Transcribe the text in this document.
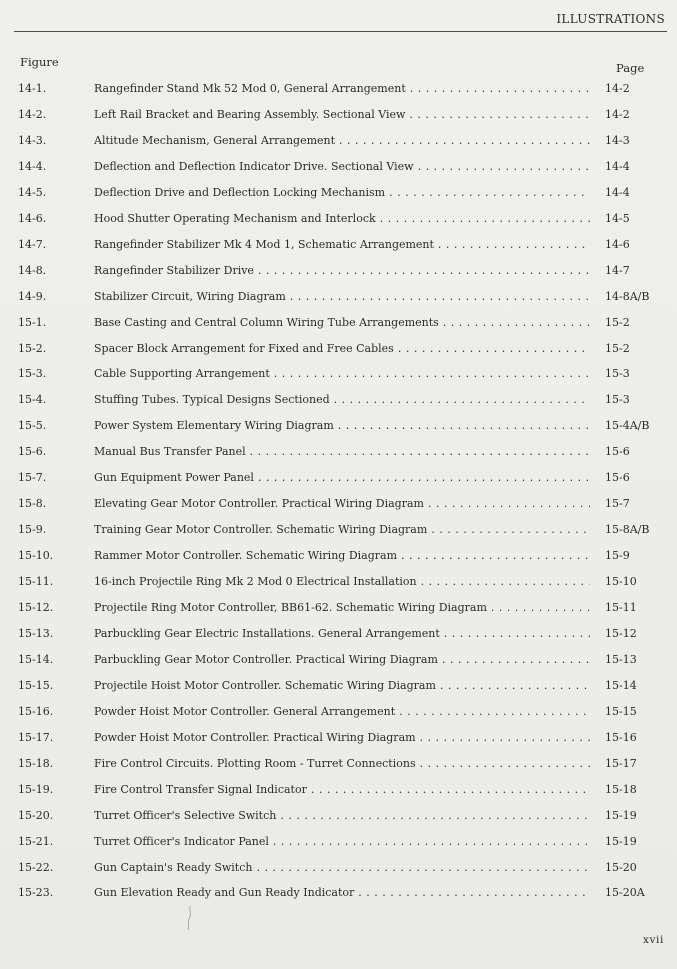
ILLUSTRATIONS
Figure	Page
14-1.	Rangefinder Stand Mk 52 Mod 0, General Arrangement . . .	14-2
14-2.	Left Rail Bracket and Bearing Assembly. Sectional View . . .	14-2
14-3.	Altitude Mechanism, General Arrangement . . .	14-3
14-4.	Deflection and Deflection Indicator Drive. Sectional View . . .	14-4
14-5.	Deflection Drive and Deflection Locking Mechanism . . .	14-4
14-6.	Hood Shutter Operating Mechanism and Interlock . . .	14-5
14-7.	Rangefinder Stabilizer Mk 4 Mod 1, Schematic Arrangement . . .	14-6
14-8.	Rangefinder Stabilizer Drive . . .	14-7
14-9.	Stabilizer Circuit, Wiring Diagram . . .	14-8A/B
15-1.	Base Casting and Central Column Wiring Tube Arrangements . . .	15-2
15-2.	Spacer Block Arrangement for Fixed and Free Cables . . .	15-2
15-3.	Cable Supporting Arrangement . . .	15-3
15-4.	Stuffing Tubes. Typical Designs Sectioned . . .	15-3
15-5.	Power System Elementary Wiring Diagram . . .	15-4A/B
15-6.	Manual Bus Transfer Panel . . .	15-6
15-7.	Gun Equipment Power Panel . . .	15-6
15-8.	Elevating Gear Motor Controller. Practical Wiring Diagram . . .	15-7
15-9.	Training Gear Motor Controller. Schematic Wiring Diagram . . .	15-8A/B
15-10.	Rammer Motor Controller. Schematic Wiring Diagram . . .	15-9
15-11.	16-inch Projectile Ring Mk 2 Mod 0 Electrical Installation . . .	15-10
15-12.	Projectile Ring Motor Controller, BB61-62. Schematic Wiring Diagram . . .	15-11
15-13.	Parbuckling Gear Electric Installations. General Arrangement . . .	15-12
15-14.	Parbuckling Gear Motor Controller. Practical Wiring Diagram . . .	15-13
15-15.	Projectile Hoist Motor Controller. Schematic Wiring Diagram . . .	15-14
15-16.	Powder Hoist Motor Controller. General Arrangement . . .	15-15
15-17.	Powder Hoist Motor Controller. Practical Wiring Diagram . . .	15-16
15-18.	Fire Control Circuits. Plotting Room - Turret Connections . . .	15-17
15-19.	Fire Control Transfer Signal Indicator . . .	15-18
15-20.	Turret Officer's Selective Switch . . .	15-19
15-21.	Turret Officer's Indicator Panel . . .	15-19
15-22.	Gun Captain's Ready Switch . . .	15-20
15-23.	Gun Elevation Ready and Gun Ready Indicator . . .	15-20A
xvii
